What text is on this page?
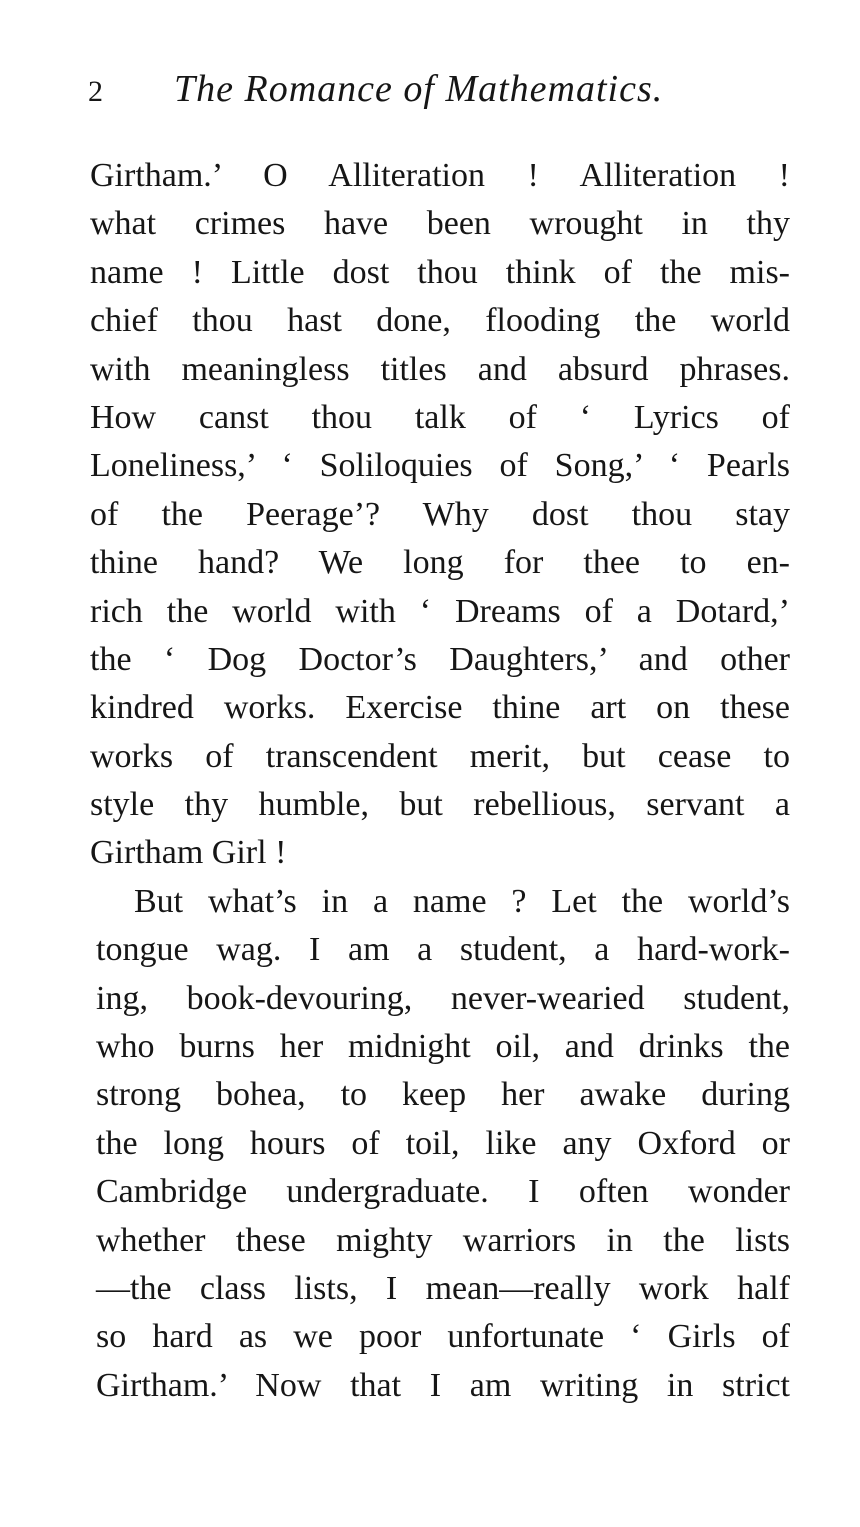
2 The Romance of Mathematics.
Girtham.’ O Alliteration ! Alliteration !
what crimes have been wrought in thy
name ! Little dost thou think of the mis-
chief thou hast done, flooding the world
with meaningless titles and absurd phrases.
How canst thou talk of ‘ Lyrics of
Loneliness,’ ‘ Soliloquies of Song,’ ‘ Pearls
of the Peerage’? Why dost thou stay
thine hand? We long for thee to en-
rich the world with ‘ Dreams of a Dotard,’
the ‘ Dog Doctor’s Daughters,’ and other
kindred works. Exercise thine art on these
works of transcendent merit, but cease to
style thy humble, but rebellious, servant a
Girtham Girl !
But what’s in a name ? Let the world’s
tongue wag. I am a student, a hard-work-
ing, book-devouring, never-wearied student,
who burns her midnight oil, and drinks the
strong bohea, to keep her awake during
the long hours of toil, like any Oxford or
Cambridge undergraduate. I often wonder
whether these mighty warriors in the lists
—the class lists, I mean—really work half
so hard as we poor unfortunate ‘ Girls of
Girtham.’ Now that I am writing in strict
